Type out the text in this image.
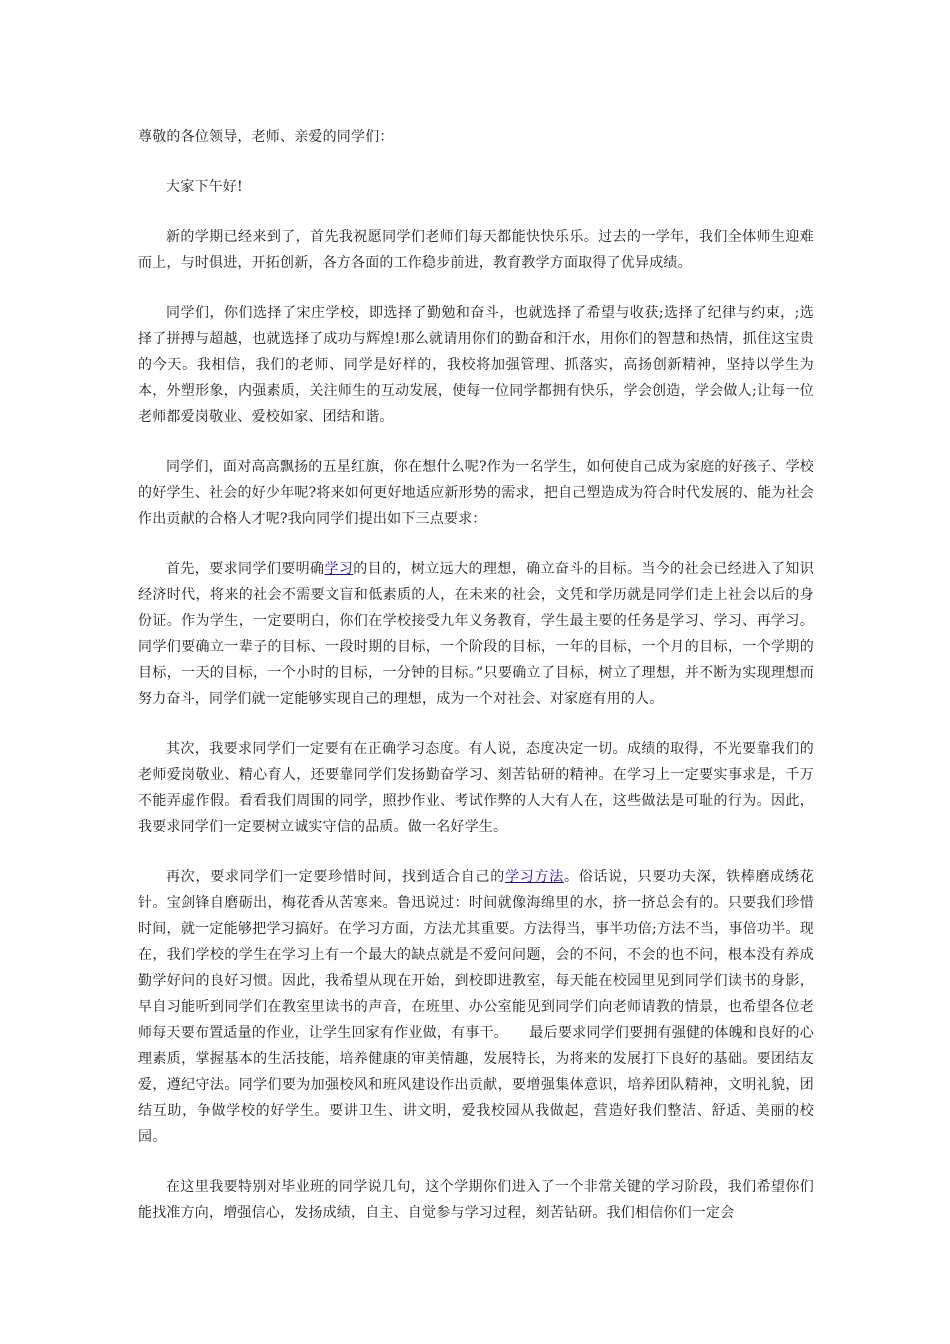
尊敬的各位领导，老师、亲爱的同学们：

大家下午好!

新的学期已经来到了，首先我祝愿同学们老师们每天都能快快乐乐。过去的一学年，我们全体师生迎难而上，与时俱进，开拓创新，各方各面的工作稳步前进，教育教学方面取得了优异成绩。

同学们，你们选择了宋庄学校，即选择了勤勉和奋斗，也就选择了希望与收获;选择了纪律与约束，;选择了拼搏与超越，也就选择了成功与辉煌!那么就请用你们的勤奋和汗水，用你们的智慧和热情，抓住这宝贵的今天。我相信，我们的老师、同学是好样的，我校将加强管理、抓落实，高扬创新精神，坚持以学生为本，外塑形象，内强素质，关注师生的互动发展，使每一位同学都拥有快乐，学会创造，学会做人;让每一位老师都爱岗敬业、爱校如家、团结和谐。

同学们，面对高高飘扬的五星红旗，你在想什么呢?作为一名学生，如何使自己成为家庭的好孩子、学校的好学生、社会的好少年呢?将来如何更好地适应新形势的需求，把自己塑造成为符合时代发展的、能为社会作出贡献的合格人才呢?我向同学们提出如下三点要求：

首先，要求同学们要明确学习的目的，树立远大的理想，确立奋斗的目标。当今的社会已经进入了知识经济时代，将来的社会不需要文盲和低素质的人，在未来的社会，文凭和学历就是同学们走上社会以后的身份证。作为学生，一定要明白，你们在学校接受九年义务教育，学生最主要的任务是学习、学习、再学习。同学们要确立一辈子的目标、一段时期的目标，一个阶段的目标，一年的目标，一个月的目标，一个学期的目标，一天的目标，一个小时的目标，一分钟的目标。”只要确立了目标，树立了理想，并不断为实现理想而努力奋斗，同学们就一定能够实现自己的理想，成为一个对社会、对家庭有用的人。

其次，我要求同学们一定要有在正确学习态度。有人说，态度决定一切。成绩的取得，不光要靠我们的老师爱岗敬业、精心育人，还要靠同学们发扬勤奋学习、刻苦钻研的精神。在学习上一定要实事求是，千万不能弄虚作假。看看我们周围的同学，照抄作业、考试作弊的人大有人在，这些做法是可耻的行为。因此，我要求同学们一定要树立诚实守信的品质。做一名好学生。

再次，要求同学们一定要珍惜时间，找到适合自己的学习方法。俗话说，只要功夫深，铁棒磨成绣花针。宝剑锋自磨砺出，梅花香从苦寒来。鲁迅说过：时间就像海绵里的水，挤一挤总会有的。只要我们珍惜时间，就一定能够把学习搞好。在学习方面，方法尤其重要。方法得当，事半功倍;方法不当，事倍功半。现在，我们学校的学生在学习上有一个最大的缺点就是不爱问问题，会的不问，不会的也不问，根本没有养成勤学好问的良好习惯。因此，我希望从现在开始，到校即进教室，每天能在校园里见到同学们读书的身影，早自习能听到同学们在教室里读书的声音，在班里、办公室能见到同学们向老师请教的情景，也希望各位老师每天要布置适量的作业，让学生回家有作业做，有事干。　　最后要求同学们要拥有强健的体魄和良好的心理素质，掌握基本的生活技能，培养健康的审美情趣，发展特长，为将来的发展打下良好的基础。要团结友爱，遵纪守法。同学们要为加强校风和班风建设作出贡献，要增强集体意识，培养团队精神，文明礼貌，团结互助，争做学校的好学生。要讲卫生、讲文明，爱我校园从我做起，营造好我们整洁、舒适、美丽的校园。

在这里我要特别对毕业班的同学说几句，这个学期你们进入了一个非常关键的学习阶段，我们希望你们能找准方向，增强信心，发扬成绩，自主、自觉参与学习过程，刻苦钻研。我们相信你们一定会
